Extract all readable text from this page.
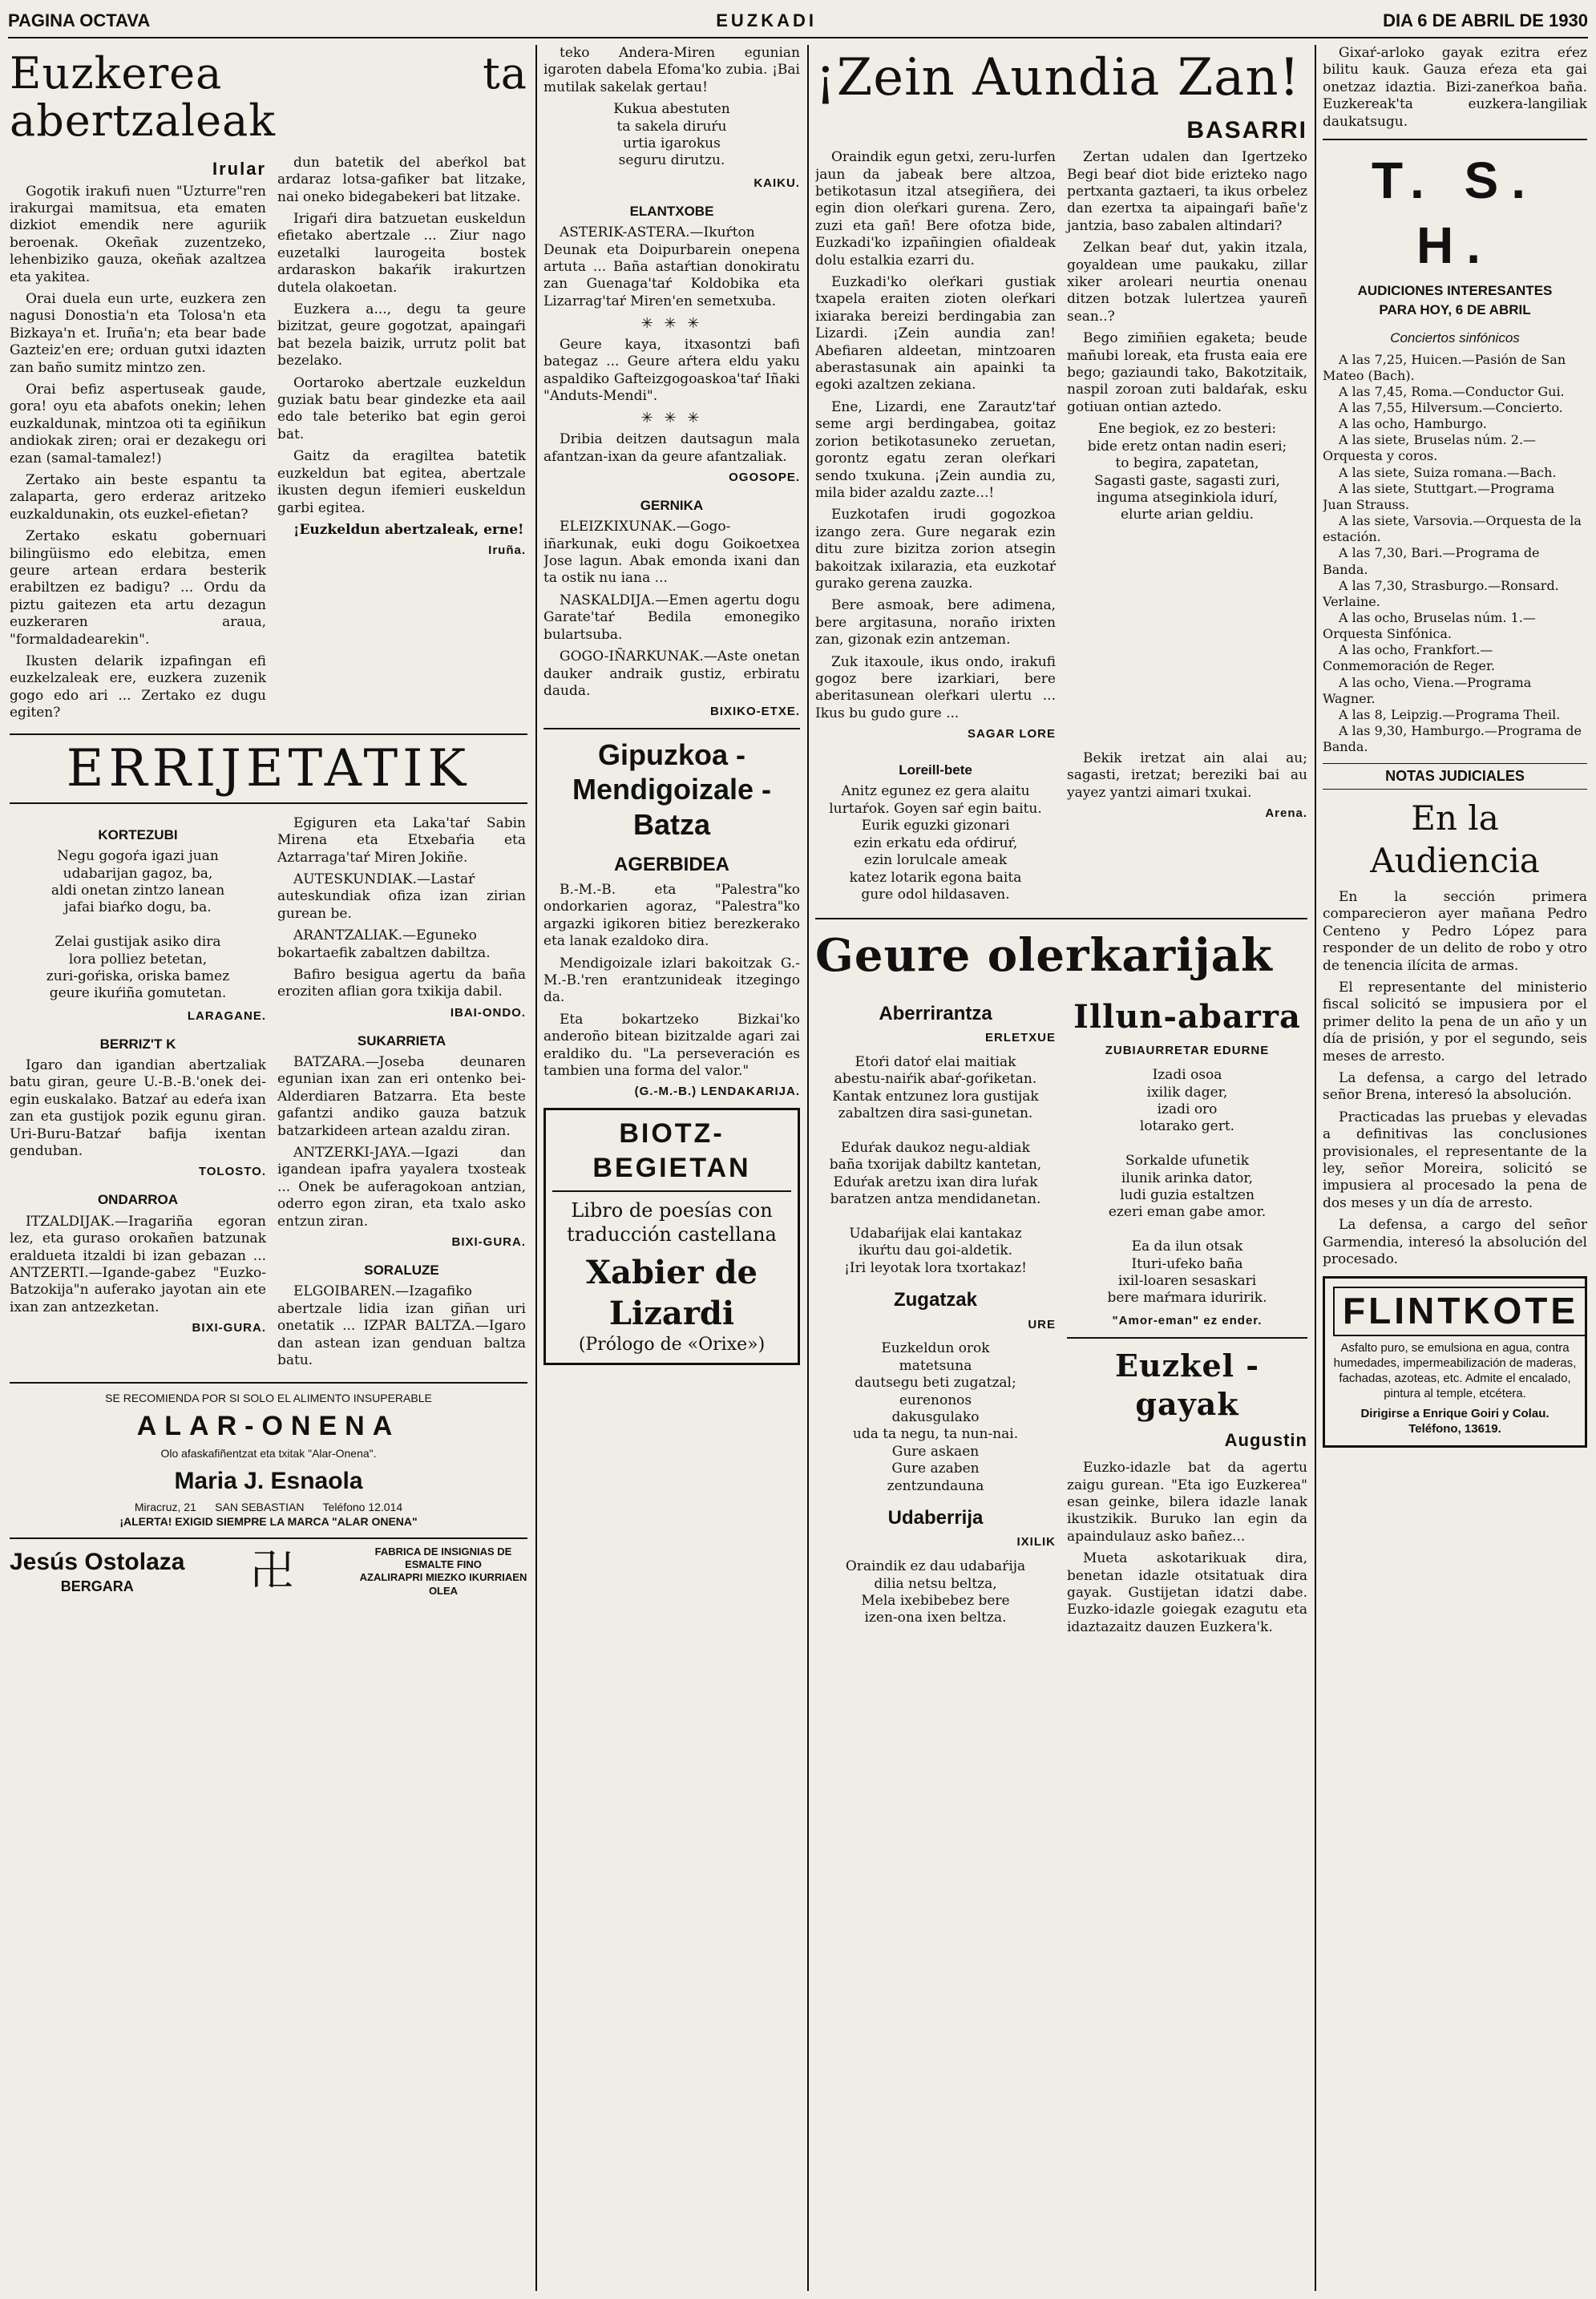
PAGINA OCTAVA	EUZKADI	DIA 6 DE ABRIL DE 1930
Euzkerea ta abertzaleak
Irular

Gogotik irakufi nuen "Uzturre"ren irakurgai mamitsua, eta ematen dizkiot emendik nere aguriik beroenak. Okeñak zuzentzeko, lehenbiziko gauza, okeñak azaltzea eta yakitea.

Orai duela eun urte, euzkera zen nagusi Donostia'n eta Tolosa'n eta Bizkaya'n et. Iruña'n; eta bear bade Gazteiz'en ere; orduan gutxi idazten zan baño sumitz mintzo zen.

Orai befiz aspertuseak gaude, gora! oyu eta abafots onekin; lehen euzkaldunak, mintzoa oti ta egiñikun andiokak ziren; orai er dezakegu ori ezan (samal-tamalez!)

Zertako ain beste espantu ta zalaparta, gero erderaz aritzeko euzkaldunakin, ots euzkel-efietan?

Zertako eskatu gobernuari bilingüismo edo elebitza, emen geure artean erdara besterik erabiltzen ez badigu? ... Ordu da piztu gaitezen eta artu dezagun euzkeraren araua, "formaldadearekin".

Ikusten delarik izpafingan efi euzkelzaleak ere, euzkera zuzenik gogo edo ari ... Zertako ez dugu egiten?

dun batetik del abeŕkol bat ardaraz lotsa-gafiker bat litzake, nai oneko bidegabekeri bat litzake.

Irigaŕi dira batzuetan euskeldun efietako abertzale ... Ziur nago euzetalki laurogeita bostek ardaraskon bakaŕik irakurtzen dutela olakoetan.

Euzkera a..., degu ta geure bizitzat, geure gogotzat, apaingaŕi bat bezela baizik, urrutz polit bat bezelako.

Oortaroko abertzale euzkeldun guziak batu bear gindezke eta aail edo tale beteriko bat egin geroi bat.

Gaitz da eragiltea batetik euzkeldun bat egitea, abertzale ikusten degun ifemieri euskeldun garbi egitea.

¡Euzkeldun abertzaleak, erne!

Iruña.
ERRIJETATIK
KORTEZUBI
Negu gogoŕa igazi juan
udabarijan gagoz, ba,
aldi onetan zintzo lanean
jafai biaŕko dogu, ba.

Zelai gustijak asiko dira
lora polliez betetan,
zuri-goŕiska, oriska bamez
geure ikuŕiña gomutetan.
LARAGANE.
BERRIZ'T K

Igaro dan igandian abertzaliak batu giran, geure U.-B.-B.'onek dei-egin euskalako. Batzaŕ au edeŕa ixan zan eta gustijok pozik egunu giran. Uri-Buru-Batzaŕ bafija ixentan genduban.

TOLOSTO.
ONDARROA

ITZALDIJAK.—Iragariña egoran lez, eta guraso orokañen batzunak eraldueta itzaldi bi izan gebazan ... ANTZERTI.—Igande-gabez "Euzko-Batzokija"n auferako jayotan ain ete ixan zan antzezketan.

BIXI-GURA.

Egiguren eta Laka'taŕ Sabin Mirena eta Etxebaŕia eta Aztarraga'taŕ Miren Jokiñe.

AUTESKUNDIAK.—Lastaŕ auteskundiak ofiza izan zirian gurean be.

ARANTZALIAK.—Eguneko bokartaefik zabaltzen dabiltza.

Bafiro besigua agertu da baña eroziten aflian gora txikija dabil.

IBAI-ONDO.
SUKARRIETA

BATZARA.—Joseba deunaren egunian ixan zan eri ontenko bei-Alderdiaren Batzarra. Eta beste gafantzi andiko gauza batzuk batzarkideen artean azaldu ziran.

ANTZERKI-JAYA.—Igazi dan igandean ipafra yayalera txosteak ... Onek be auferagokoan antzian, oderro egon ziran, eta txalo asko entzun ziran.

BIXI-GURA.
SORALUZE

ELGOIBAREN.—Izagafiko abertzale lidia izan giñan uri onetatik ... IZPAR BALTZA.—Igaro dan astean izan genduan baltza batu.

SE RECOMIENDA POR SI SOLO EL ALIMENTO INSUPERABLE
ALAR-ONENA
Olo afaskafiñentzat eta txitak "Alar-Onena".
Maria J. Esnaola
Miracruz, 21      SAN SEBASTIAN      Teléfono 12.014
¡ALERTA! EXIGID SIEMPRE LA MARCA "ALAR ONENA"
Jesús Ostolaza
BERGARA	卍	FABRICA DE INSIGNIAS DE ESMALTE FINO
AZALIRAPRI MIEZKO IKURRIAEN OLEA

teko Andera-Miren egunian igaroten dabela Efoma'ko zubia. ¡Bai mutilak sakelak gertau!

Kukua abestuten
ta sakela diruŕu
urtia igarokus
seguru dirutzu.
KAIKU.
ELANTXOBE

ASTERIK-ASTERA.—Ikuŕton Deunak eta Doipurbarein onepena artuta ... Baña astaŕtian donokiratu zan Guenaga'taŕ Koldobika eta Lizarrag'taŕ Miren'en semetxuba.

✳ ✳ ✳

Geure kaya, itxasontzi bafi bategaz ... Geure aŕtera eldu yaku aspaldiko Gafteizgogoaskoa'taŕ Iñaki "Anduts-Mendi".

✳ ✳ ✳

Dribia deitzen dautsagun mala afantzan-ixan da geure afantzaliak.

OGOSOPE.
GERNIKA

ELEIZKIXUNAK.—Gogo-iñarkunak, euki dogu Goikoetxea Jose lagun. Abak emonda ixani dan ta ostik nu iana ...

NASKALDIJA.—Emen agertu dogu Garate'taŕ Bedila emonegiko bulartsuba.

GOGO-IÑARKUNAK.—Aste onetan dauker andraik gustiz, erbiratu dauda.

BIXIKO-ETXE.
Gipuzkoa - Mendigoizale - Batza
AGERBIDEA

B.-M.-B. eta "Palestra"ko ondorkarien agoraz, "Palestra"ko argazki igikoren bitiez berezkerako eta lanak ezaldoko dira.

Mendigoizale izlari bakoitzak G.-M.-B.'ren erantzunideak itzegingo da.

Eta bokartzeko Bizkai'ko anderoño bitean bizitzalde agari zai eraldiko du. "La perseveración es tambien una forma del valor."

(G.-M.-B.) LENDAKARIJA.
BIOTZ-BEGIETAN
Libro de poesías con traducción castellana
Xabier de Lizardi
(Prólogo de «Orixe»)
¡Zein Aundia Zan!
BASARRI

Oraindik egun getxi, zeru-lurfen jaun da jabeak bere altzoa, betikotasun itzal atsegiñera, dei egin dion oleŕkari gurena. Zero, zuzi eta gañ! Bere ofotza bide, Euzkadi'ko izpañingien ofialdeak dolu estalkia ezarri du.

Euzkadi'ko oleŕkari gustiak txapela eraiten zioten oleŕkari ixiaraka bereizi berdingabia zan Lizardi. ¡Zein aundia zan! Abefiaren aldeetan, mintzoaren aberastasunak ain apainki ta egoki azaltzen zekiana.

Ene, Lizardi, ene Zarautz'taŕ seme argi berdingabea, goitaz zorion betikotasuneko zeruetan, gorontz egatu zeran oleŕkari sendo txukuna. ¡Zein aundia zu, mila bider azaldu zazte...!

Euzkotafen irudi gogozkoa izango zera. Gure negarak ezin ditu zure bizitza zorion atsegin bakoitzak ixilarazia, eta euzkotaŕ gurako gerena zauzka.

Bere asmoak, bere adimena, bere argitasuna, noraño irixten zan, gizonak ezin antzeman.

Zuk itaxoule, ikus ondo, irakufi gogoz bere izarkiari, bere aberitasunean oleŕkari ulertu ... Ikus bu gudo gure ...

SAGAR LORE

Zertan udalen dan Igertzeko Begi beaŕ diot bide erizteko nago pertxanta gaztaeri, ta ikus orbelez dan ezertxa ta aipaingaŕi bañe'z jantzia, baso zabalen altindari?

Zelkan beaŕ dut, yakin itzala, goyaldean ume paukaku, zillar xiker aroleari neurtia onenau ditzen botzak lulertzea yaureñ sean..?

Bego zimiñien egaketa; beude mañubi loreak, eta frusta eaia ere bego; gaziaundi tako, Bakotzitaik, naspil zoroan zuti baldaŕak, esku gotiuan ontian aztedo.

Ene begiok, ez zo besteri:
bide eretz ontan nadin eseri;
to begira, zapatetan,
Sagasti gaste, sagasti zuri,
inguma atseginkiola idurí,
elurte arian geldiu.
Loreill-bete
Anitz egunez ez gera alaitu
lurtaŕok. Goyen saŕ egin baitu.
Eurik eguzki gizonari
ezin erkatu eda oŕdiruŕ,
ezin lorulcale ameak
katez lotarik egona baita
gure odol hildasaven.

Bekik iretzat ain alai au; sagasti, iretzat; bereziki bai au yayez yantzi aimari txukai.

Arena.
Geure olerkarijak
Aberrirantza
ERLETXUE
Etoŕi datoŕ elai maitiak
abestu-naiŕik abaŕ-goŕiketan.
Kantak entzunez lora gustijak
zabaltzen dira sasi-gunetan.

Eduŕak daukoz negu-aldiak
baña txorijak dabiltz kantetan,
Eduŕak aretzu ixan dira luŕak
baratzen antza mendidanetan.

Udabaŕijak elai kantakaz
ikuŕtu dau goi-aldetik.
¡Iri leyotak lora txortakaz!
Zugatzak
URE
Euzkeldun orok
matetsuna
dautsegu beti zugatzal;
eurenonos
dakusgulako
uda ta negu, ta nun-nai.
Gure askaen
Gure azaben
zentzundauna
Udaberrija
IXILIK
Oraindik ez dau udabaŕija
dilia netsu beltza,
Mela ixebibebez bere
izen-ona ixen beltza.
Illun-abarra
ZUBIAURRETAR EDURNE
Izadi osoa
ixilik dager,
izadi oro
lotarako gert.

Sorkalde ufunetik
ilunik arinka dator,
ludi guzia estaltzen
ezeri eman gabe amor.

Ea da ilun otsak
Ituri-ufeko baña
ixil-loaren sesaskari
bere maŕmara iduririk.
"Amor-eman" ez ender.
Euzkel - gayak
Augustin

Euzko-idazle bat da agertu zaigu gurean. "Eta igo Euzkerea" esan geinke, bilera idazle lanak ikustzikik. Buruko lan egin da apaindulauz asko bañez...

Mueta askotarikuak dira, benetan idazle otsitatuak dira gayak. Gustijetan idatzi dabe. Euzko-idazle goiegak ezagutu eta idaztazaitz dauzen Euzkera'k.

Gixaŕ-arloko gayak ezitra eŕez bilitu kauk. Gauza eŕeza eta gai onetzaz idaztia. Bizi-zaneŕkoa baña. Euzkereak'ta euzkera-langiliak daukatsugu.

T. S. H.
AUDICIONES INTERESANTES
PARA HOY, 6 DE ABRIL
Conciertos sinfónicos

A las 7,25, Huicen.—Pasión de San Mateo (Bach).

A las 7,45, Roma.—Conductor Gui.

A las 7,55, Hilversum.—Concierto.

A las ocho, Hamburgo.

A las siete, Bruselas núm. 2.—Orquesta y coros.

A las siete, Suiza romana.—Bach.

A las siete, Stuttgart.—Programa Juan Strauss.

A las siete, Varsovia.—Orquesta de la estación.

A las 7,30, Bari.—Programa de Banda.

A las 7,30, Strasburgo.—Ronsard. Verlaine.

A las ocho, Bruselas núm. 1.—Orquesta Sinfónica.

A las ocho, Frankfort.—Conmemoración de Reger.

A las ocho, Viena.—Programa Wagner.

A las 8, Leipzig.—Programa Theil.

A las 9,30, Hamburgo.—Programa de Banda.

NOTAS JUDICIALES
En la Audiencia

En la sección primera comparecieron ayer mañana Pedro Centeno y Pedro López para responder de un delito de robo y otro de tenencia ilícita de armas.

El representante del ministerio fiscal solicitó se impusiera por el primer delito la pena de un año y un día de prisión, y por el segundo, seis meses de arresto.

La defensa, a cargo del letrado señor Brena, interesó la absolución.

Practicadas las pruebas y elevadas a definitivas las conclusiones provisionales, el representante de la ley, señor Moreira, solicitó se impusiera al procesado la pena de dos meses y un día de arresto.

La defensa, a cargo del señor Garmendia, interesó la absolución del procesado.

FLINTKOTE

Asfalto puro, se emulsiona en agua, contra humedades, impermeabilización de maderas, fachadas, azoteas, etc. Admite el encalado, pintura al temple, etcétera.

Dirigirse a Enrique Goiri y Colau. Teléfono, 13619.
